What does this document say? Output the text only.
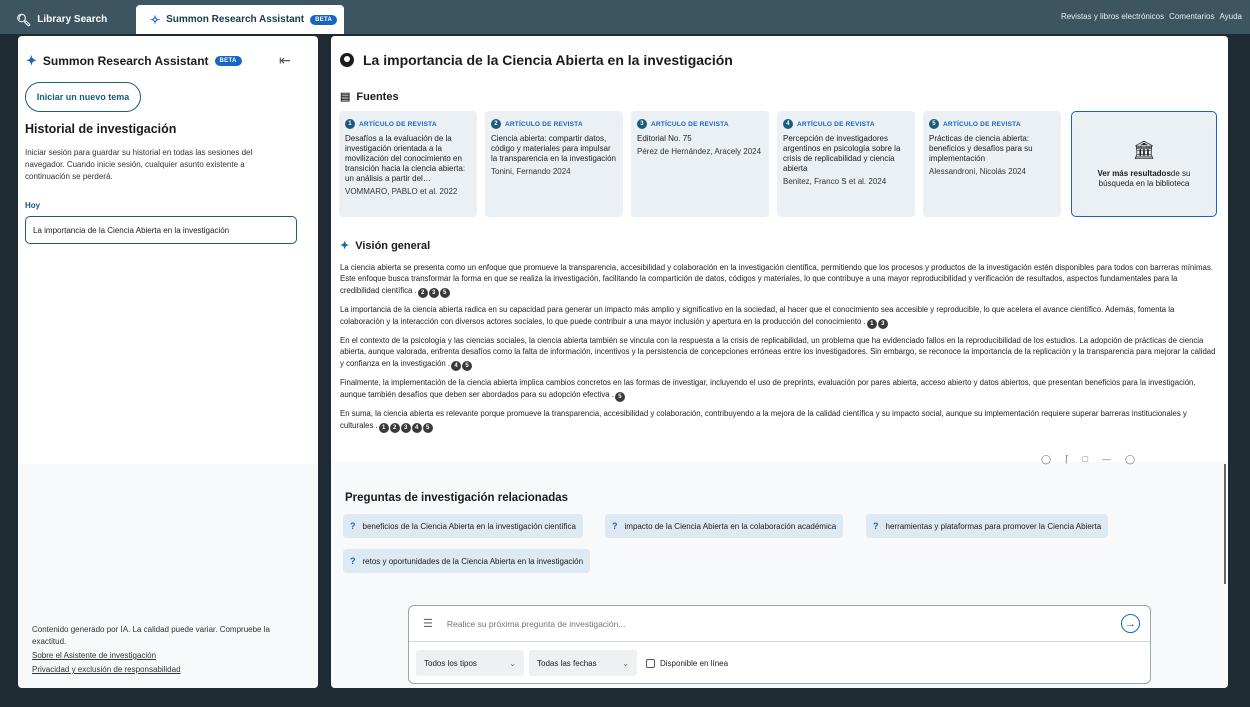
🔍︎ Library Search	✧ Summon Research Assistant	BETA	Revistas y libros electrónicos Comentarios Ayuda
✦ Summon Research Assistant	BETA	⇤
Iniciar un nuevo tema
Historial de investigación
Iniciar sesión para guardar su historial en todas las sesiones del navegador. Cuando inicie sesión, cualquier asunto existente a continuación se perderá.
Hoy
La importancia de la Ciencia Abierta en la investigación
Contenido generado por IA. La calidad puede variar. Compruebe la exactitud.
Sobre el Asistente de investigación
Privacidad y exclusión de responsabilidad
La importancia de la Ciencia Abierta en la investigación
▤ Fuentes
1	ARTÍCULO DE REVISTA
Desafíos a la evaluación de la investigación orientada a la movilización del conocimiento en transición hacia la ciencia abierta: un análisis a partir del…
VOMMARO, PABLO et al. 2022
2	ARTÍCULO DE REVISTA
Ciencia abierta: compartir datos, código y materiales para impulsar la transparencia en la investigación
Tonini, Fernando 2024
3	ARTÍCULO DE REVISTA
Editorial No. 75
Pérez de Hernández, Aracely 2024
4	ARTÍCULO DE REVISTA
Percepción de investigadores argentinos en psicología sobre la crisis de replicabilidad y ciencia abierta
Benitez, Franco S et al. 2024
5	ARTÍCULO DE REVISTA
Prácticas de ciencia abierta: beneficios y desafíos para su implementación
Alessandroni, Nicolás 2024
🏛︎
Ver más resultadosde su búsqueda en la biblioteca
✦ Visión general

La ciencia abierta se presenta como un enfoque que promueve la transparencia, accesibilidad y colaboración en la investigación científica, permitiendo que los procesos y productos de la investigación estén disponibles para todos con barreras mínimas. Este enfoque busca transformar la forma en que se realiza la investigación, facilitando la compartición de datos, códigos y materiales, lo que contribuye a una mayor reproducibilidad y verificación de resultados, aspectos fundamentales para la credibilidad científica . 2 3 5

La importancia de la ciencia abierta radica en su capacidad para generar un impacto más amplio y significativo en la sociedad, al hacer que el conocimiento sea accesible y reproducible, lo que acelera el avance científico. Además, fomenta la colaboración y la interacción con diversos actores sociales, lo que puede contribuir a una mayor inclusión y apertura en la producción del conocimiento . 1 3

En el contexto de la psicología y las ciencias sociales, la ciencia abierta también se vincula con la respuesta a la crisis de replicabilidad, un problema que ha evidenciado fallos en la reproducibilidad de los estudios. La adopción de prácticas de ciencia abierta, aunque valorada, enfrenta desafíos como la falta de información, incentivos y la persistencia de concepciones erróneas entre los investigadores. Sin embargo, se reconoce la importancia de la replicación y la transparencia para mejorar la calidad y confianza en la investigación . 4 5

Finalmente, la implementación de la ciencia abierta implica cambios concretos en las formas de investigar, incluyendo el uso de preprints, evaluación por pares abierta, acceso abierto y datos abiertos, que presentan beneficios para la investigación, aunque también desafíos que deben ser abordados para su adopción efectiva . 5

En suma, la ciencia abierta es relevante porque promueve la transparencia, accesibilidad y colaboración, contribuyendo a la mejora de la calidad científica y su impacto social, aunque su implementación requiere superar barreras institucionales y culturales . 1 2 3 4 5

◯ ⌈ □ — ◯
Preguntas de investigación relacionadas
? beneficios de la Ciencia Abierta en la investigación científica	? impacto de la Ciencia Abierta en la colaboración académica	? herramientas y plataformas para promover la Ciencia Abierta
? retos y oportunidades de la Ciencia Abierta en la investigación
☰
Realice su próxima pregunta de investigación...	→
Todos los tipos	⌄	Todas las fechas	⌄	Disponible en línea
